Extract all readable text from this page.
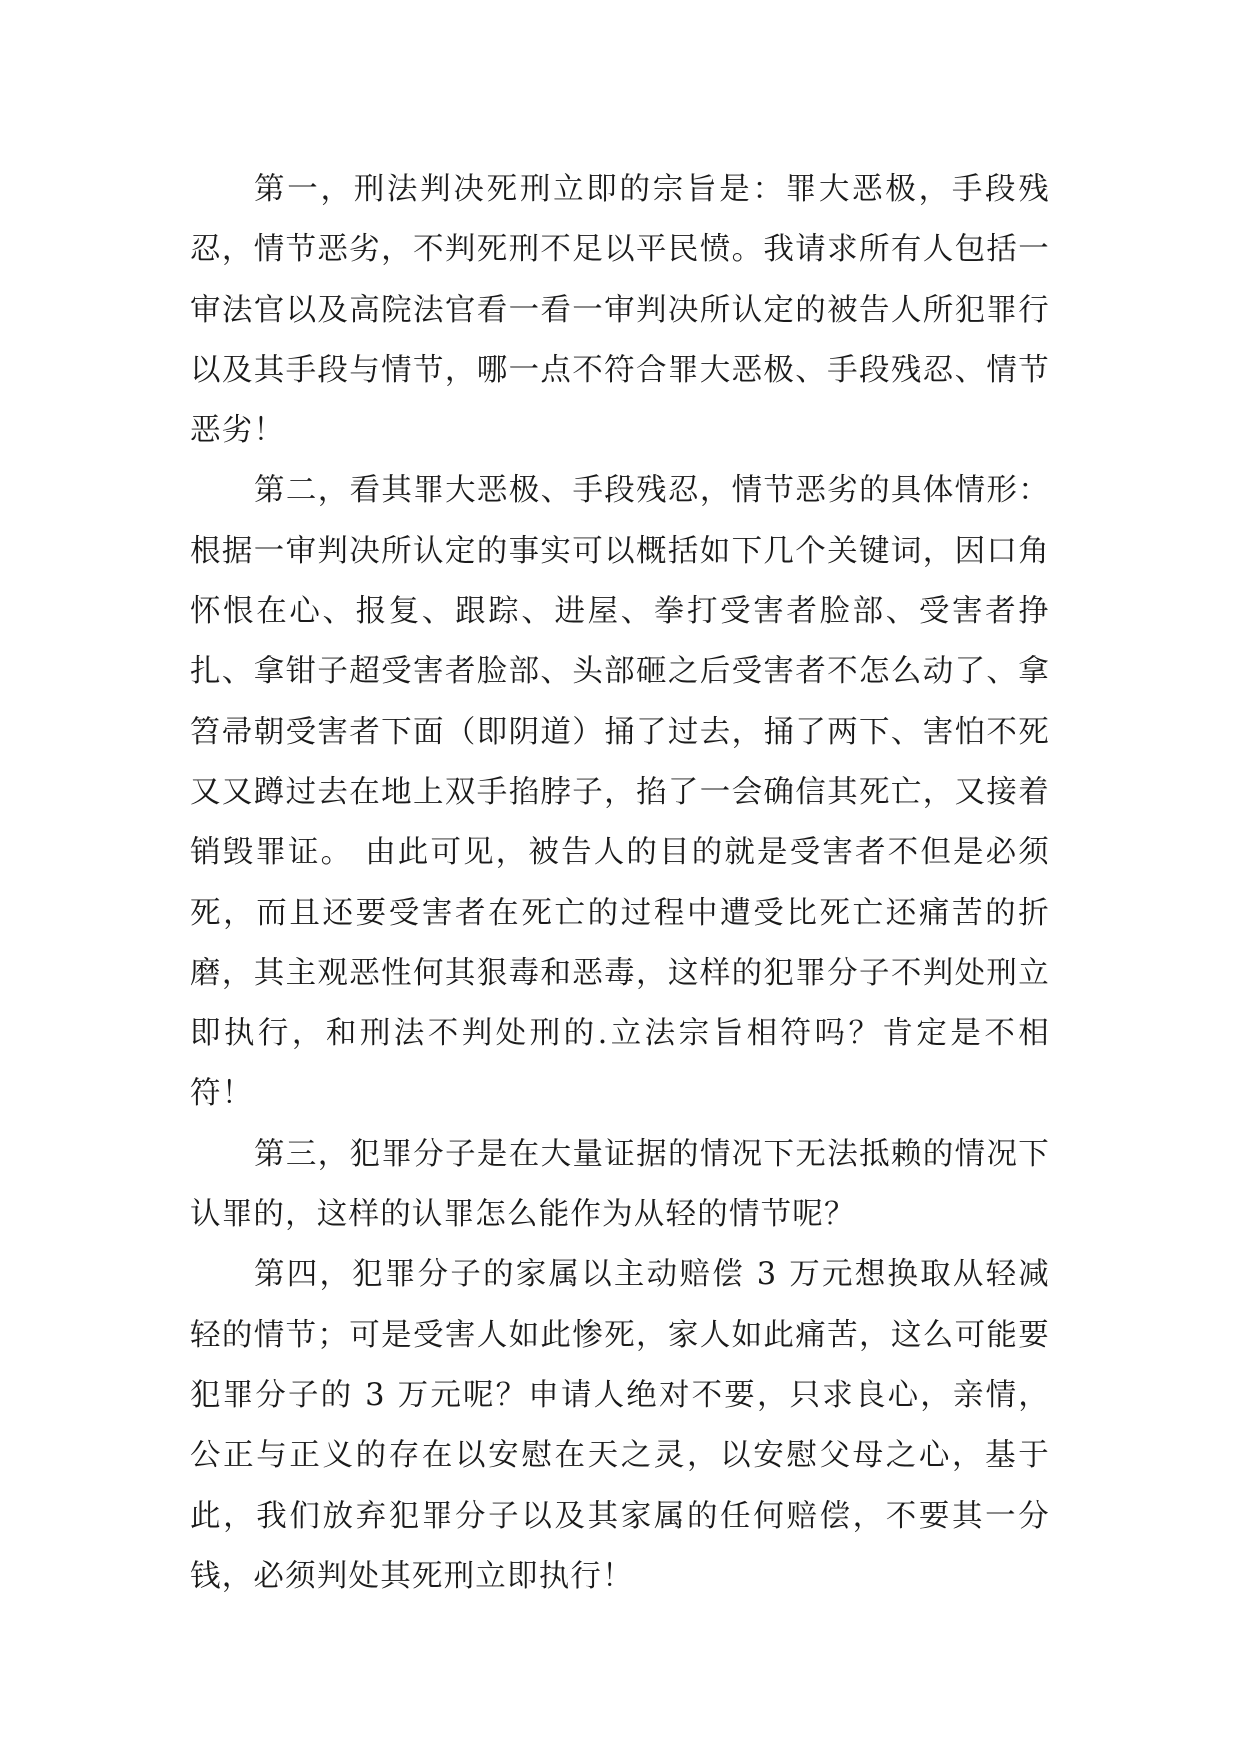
第一，刑法判决死刑立即的宗旨是：罪大恶极，手段残忍，情节恶劣，不判死刑不足以平民愤。我请求所有人包括一审法官以及高院法官看一看一审判决所认定的被告人所犯罪行以及其手段与情节，哪一点不符合罪大恶极、手段残忍、情节恶劣！

第二，看其罪大恶极、手段残忍，情节恶劣的具体情形：根据一审判决所认定的事实可以概括如下几个关键词，因口角怀恨在心、报复、跟踪、进屋、拳打受害者脸部、受害者挣扎、拿钳子超受害者脸部、头部砸之后受害者不怎么动了、拿笤帚朝受害者下面（即阴道）捅了过去，捅了两下、害怕不死又又蹲过去在地上双手掐脖子，掐了一会确信其死亡，又接着销毁罪证。 由此可见，被告人的目的就是受害者不但是必须死，而且还要受害者在死亡的过程中遭受比死亡还痛苦的折磨，其主观恶性何其狠毒和恶毒，这样的犯罪分子不判处刑立即执行，和刑法不判处刑的.立法宗旨相符吗？肯定是不相符！

第三，犯罪分子是在大量证据的情况下无法抵赖的情况下认罪的，这样的认罪怎么能作为从轻的情节呢？

第四，犯罪分子的家属以主动赔偿 3 万元想换取从轻减轻的情节；可是受害人如此惨死，家人如此痛苦，这么可能要犯罪分子的 3 万元呢？申请人绝对不要，只求良心，亲情，公正与正义的存在以安慰在天之灵，以安慰父母之心，基于此，我们放弃犯罪分子以及其家属的任何赔偿，不要其一分钱，必须判处其死刑立即执行！
